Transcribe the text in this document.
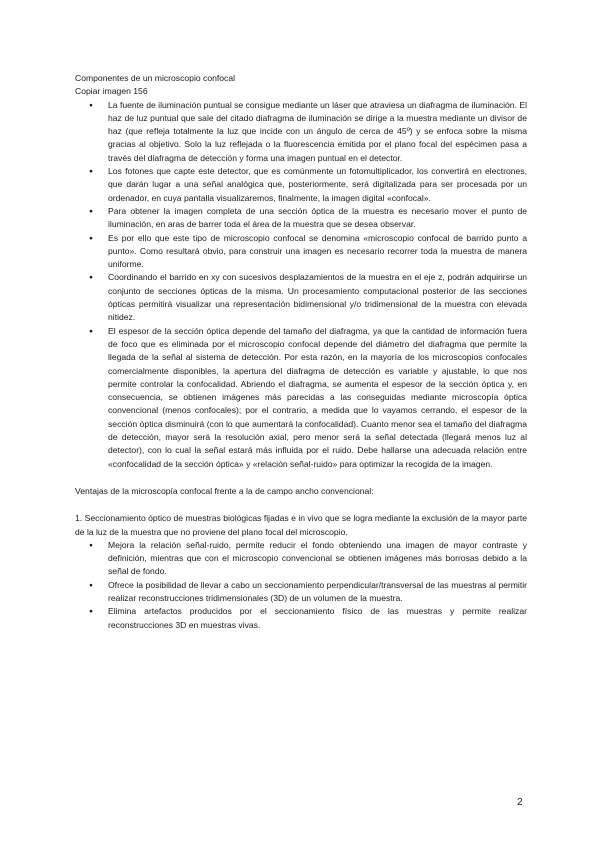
Componentes de un microscopio confocal

Copiar imagen 156

● La fuente de iluminación puntual se consigue mediante un láser que atraviesa un diafragma de iluminación. El haz de luz puntual que sale del citado diafragma de iluminación se dirige a la muestra mediante un divisor de haz (que refleja totalmente la luz que incide con un ángulo de cerca de 45º) y se enfoca sobre la misma gracias al objetivo. Solo la luz reflejada o la fluorescencia emitida por el plano focal del espécimen pasa a través del diafragma de detección y forma una imagen puntual en el detector.
● Los fotones que capte este detector, que es comúnmente un fotomultiplicador, los convertirá en electrones, que darán lugar a una señal analógica que, posteriormente, será digitalizada para ser procesada por un ordenador, en cuya pantalla visualizaremos, finalmente, la imagen digital «confocal».
● Para obtener la imagen completa de una sección óptica de la muestra es necesario mover el punto de iluminación, en aras de barrer toda el área de la muestra que se desea observar.
● Es por ello que este tipo de microscopio confocal se denomina «microscopio confocal de barrido punto a punto». Como resultará obvio, para construir una imagen es necesario recorrer toda la muestra de manera uniforme.
● Coordinando el barrido en xy con sucesivos desplazamientos de la muestra en el eje z, podrán adquirirse un conjunto de secciones ópticas de la misma. Un procesamiento computacional posterior de las secciones ópticas permitirá visualizar una representación bidimensional y/o tridimensional de la muestra con elevada nitidez.
● El espesor de la sección óptica depende del tamaño del diafragma, ya que la cantidad de información fuera de foco que es eliminada por el microscopio confocal depende del diámetro del diafragma que permite la llegada de la señal al sistema de detección. Por esta razón, en la mayoría de los microscopios confocales comercialmente disponibles, la apertura del diafragma de detección es variable y ajustable, lo que nos permite controlar la confocalidad. Abriendo el diafragma, se aumenta el espesor de la sección óptica y, en consecuencia, se obtienen imágenes más parecidas a las conseguidas mediante microscopía óptica convencional (menos confocales); por el contrario, a medida que lo vayamos cerrando, el espesor de la sección óptica disminuirá (con lo que aumentará la confocalidad). Cuanto menor sea el tamaño del diafragma de detección, mayor será la resolución axial, pero menor será la señal detectada (llegará menos luz al detector), con lo cual la señal estará más influida por el ruido. Debe hallarse una adecuada relación entre «confocalidad de la sección óptica» y «relación señal-ruido» para optimizar la recogida de la imagen.

Ventajas de la microscopía confocal frente a la de campo ancho convencional:

1. Seccionamiento óptico de muestras biológicas fijadas e in vivo que se logra mediante la exclusión de la mayor parte de la luz de la muestra que no proviene del plano focal del microscopio.

● Mejora la relación señal-ruido, permite reducir el fondo obteniendo una imagen de mayor contraste y definición, mientras que con el microscopio convencional se obtienen imágenes más borrosas debido a la señal de fondo.
● Ofrece la posibilidad de llevar a cabo un seccionamiento perpendicular/transversal de las muestras al permitir realizar reconstrucciones tridimensionales (3D) de un volumen de la muestra.
● Elimina artefactos producidos por el seccionamiento físico de las muestras y permite realizar reconstrucciones 3D en muestras vivas.
2
